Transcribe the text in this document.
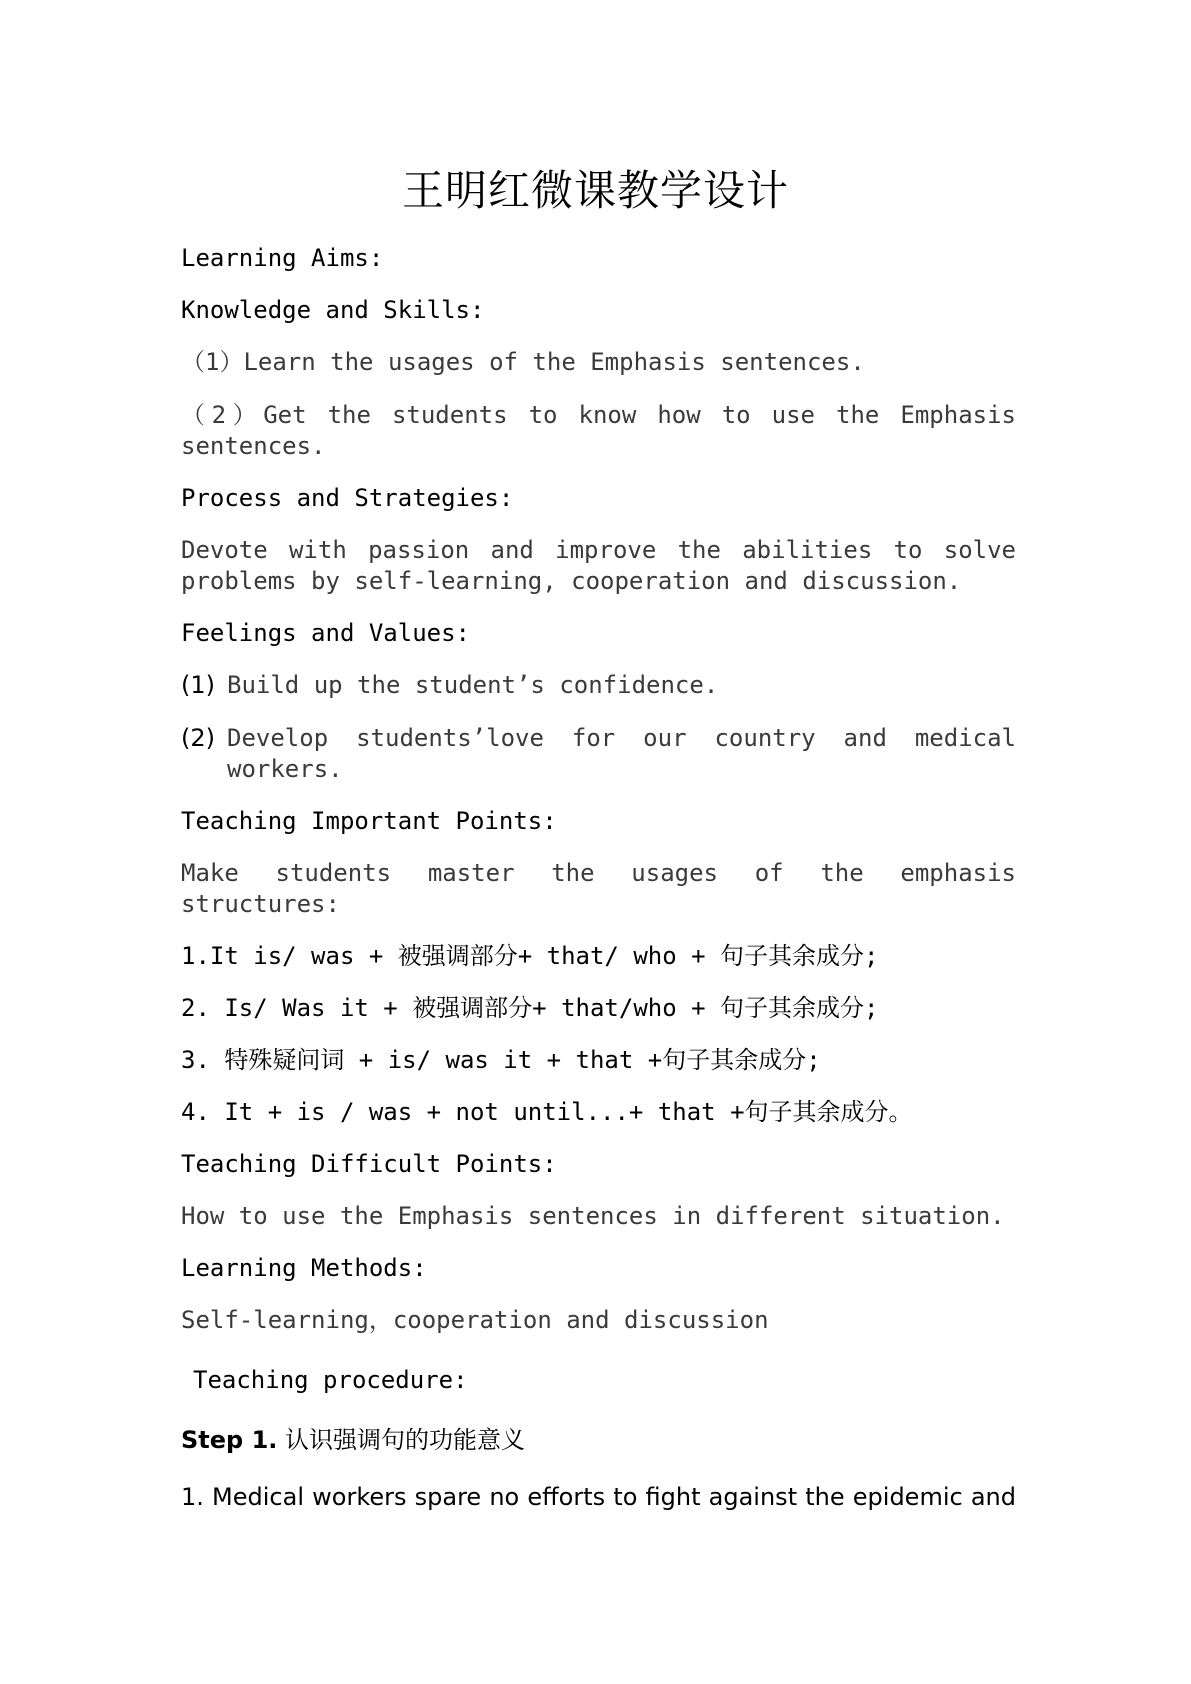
王明红微课教学设计
Learning Aims:
Knowledge and Skills:
（1）Learn the usages of the Emphasis sentences.
（2）Get the students to know how to use the Emphasis
sentences.
Process and Strategies:
Devote with passion and improve the abilities to solve
problems by self-learning, cooperation and discussion.
Feelings and Values:
(1) Build up the student’s confidence.
(2) Develop students’love for our country and medical
workers.
Teaching Important Points:
Make students master the usages of the emphasis
structures:
1.It is/ was + 被强调部分+ that/ who + 句子其余成分;
2. Is/ Was it + 被强调部分+ that/who + 句子其余成分;
3. 特殊疑问词 + is/ was it + that +句子其余成分;
4. It + is / was + not until...+ that +句子其余成分。
Teaching Difficult Points:
How to use the Emphasis sentences in different situation.
Learning Methods:
Self-learning，cooperation and discussion
Teaching procedure:
Step 1. 认识强调句的功能意义
1. Medical workers spare no efforts to fight against the epidemic and
